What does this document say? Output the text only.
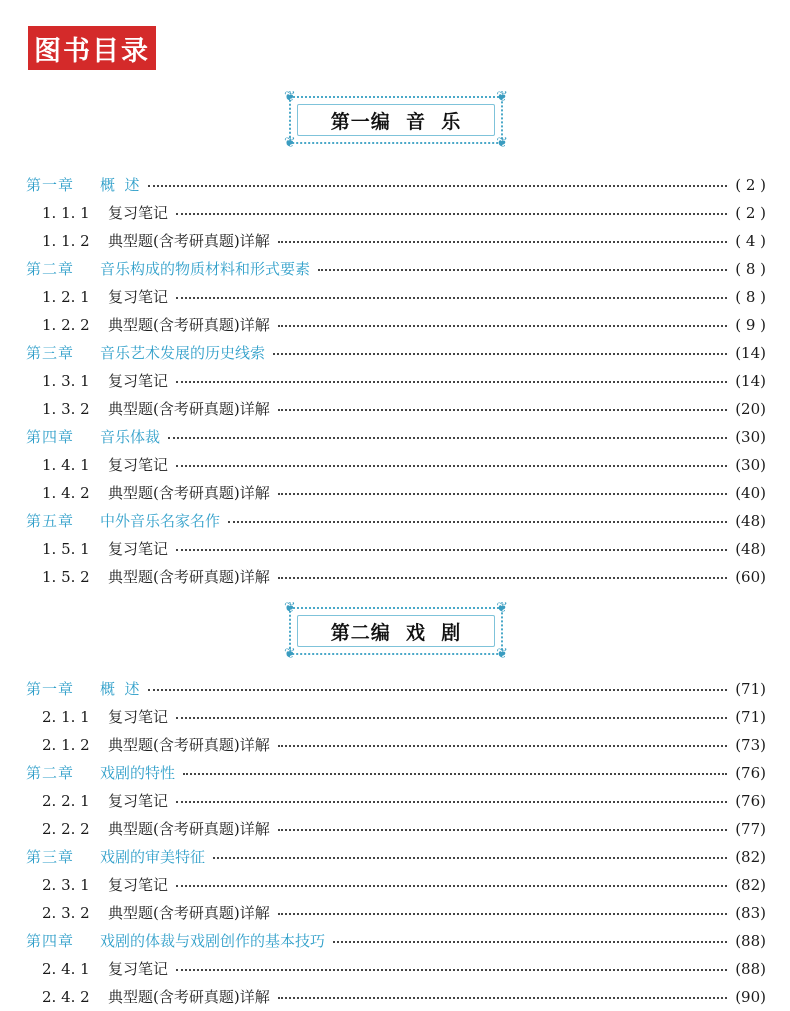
图书目录
❦	❦
❦	❦
第一编  音  乐
第一章	概  述	( 2 )
1. 1. 1	复习笔记	( 2 )
1. 1. 2	典型题(含考研真题)详解	( 4 )
第二章	音乐构成的物质材料和形式要素	( 8 )
1. 2. 1	复习笔记	( 8 )
1. 2. 2	典型题(含考研真题)详解	( 9 )
第三章	音乐艺术发展的历史线索	(14)
1. 3. 1	复习笔记	(14)
1. 3. 2	典型题(含考研真题)详解	(20)
第四章	音乐体裁	(30)
1. 4. 1	复习笔记	(30)
1. 4. 2	典型题(含考研真题)详解	(40)
第五章	中外音乐名家名作	(48)
1. 5. 1	复习笔记	(48)
1. 5. 2	典型题(含考研真题)详解	(60)
❦	❦
❦	❦
第二编  戏  剧
第一章	概  述	(71)
2. 1. 1	复习笔记	(71)
2. 1. 2	典型题(含考研真题)详解	(73)
第二章	戏剧的特性	(76)
2. 2. 1	复习笔记	(76)
2. 2. 2	典型题(含考研真题)详解	(77)
第三章	戏剧的审美特征	(82)
2. 3. 1	复习笔记	(82)
2. 3. 2	典型题(含考研真题)详解	(83)
第四章	戏剧的体裁与戏剧创作的基本技巧	(88)
2. 4. 1	复习笔记	(88)
2. 4. 2	典型题(含考研真题)详解	(90)
